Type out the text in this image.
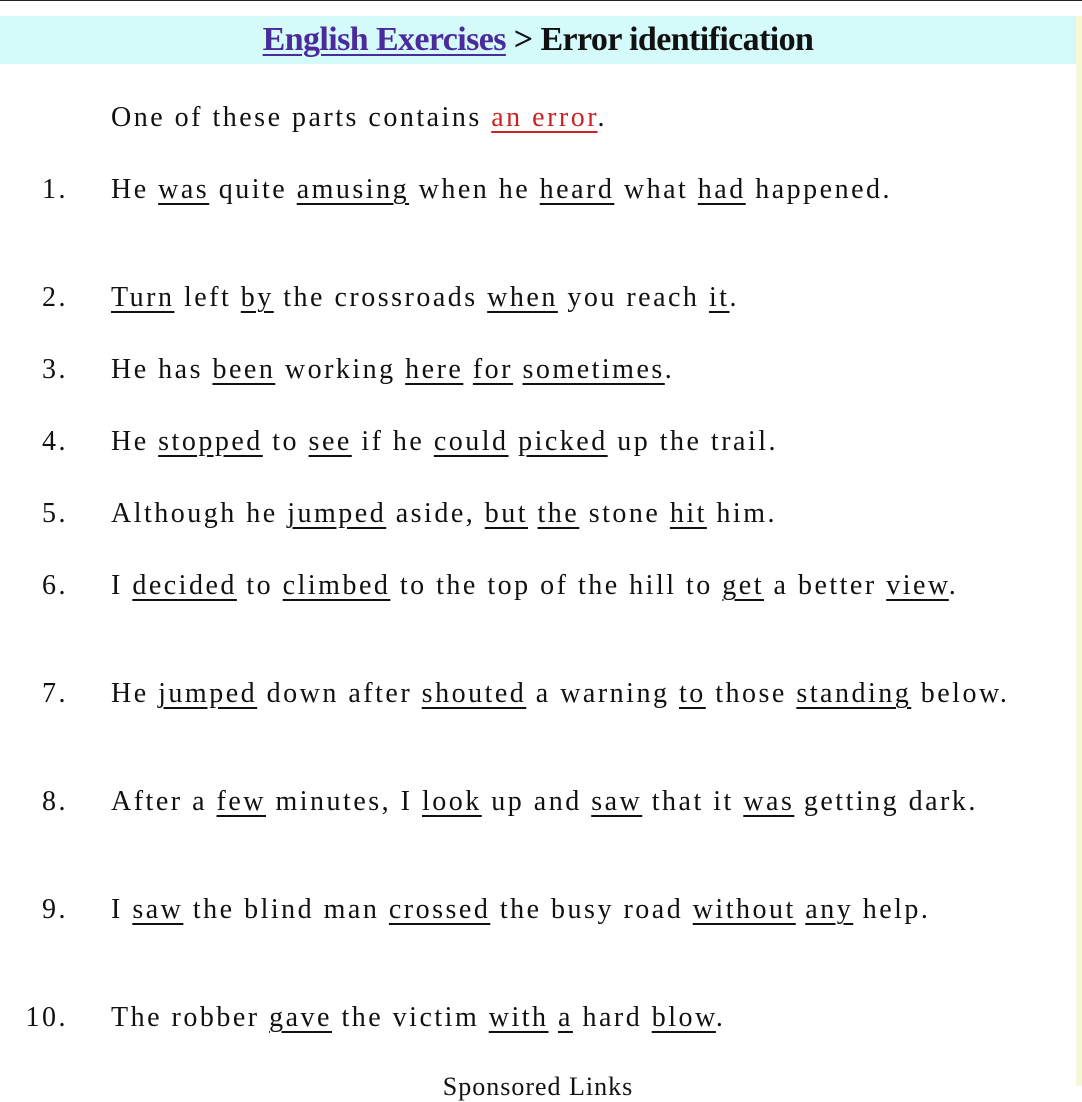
English Exercises > Error identification
One of these parts contains an error.
1. He was quite amusing when he heard what had happened.
2. Turn left by the crossroads when you reach it.
3. He has been working here for sometimes.
4. He stopped to see if he could picked up the trail.
5. Although he jumped aside, but the stone hit him.
6. I decided to climbed to the top of the hill to get a better view.
7. He jumped down after shouted a warning to those standing below.
8. After a few minutes, I look up and saw that it was getting dark.
9. I saw the blind man crossed the busy road without any help.
10. The robber gave the victim with a hard blow.
Sponsored Links
